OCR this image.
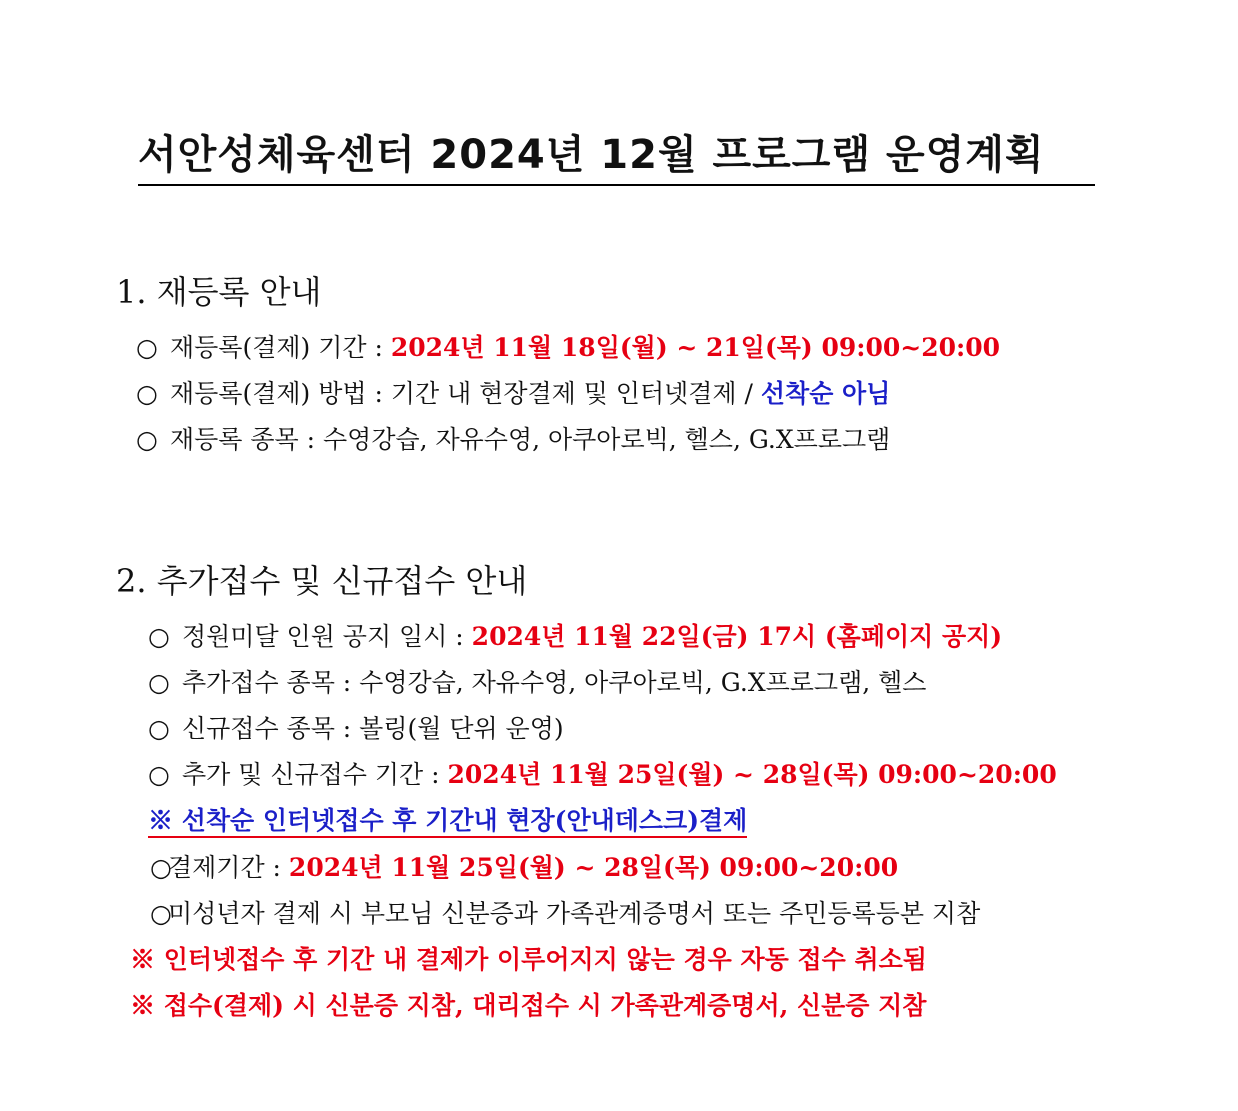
서안성체육센터 2024년 12월 프로그램 운영계획
1. 재등록 안내
○ 재등록(결제) 기간 : 2024년 11월 18일(월) ~ 21일(목) 09:00~20:00
○ 재등록(결제) 방법 : 기간 내 현장결제 및 인터넷결제 / 선착순 아님
○ 재등록 종목 : 수영강습, 자유수영, 아쿠아로빅, 헬스, G.X프로그램
2. 추가접수 및 신규접수 안내
○ 정원미달 인원 공지 일시 : 2024년 11월 22일(금) 17시 (홈페이지 공지)
○ 추가접수 종목 : 수영강습, 자유수영, 아쿠아로빅, G.X프로그램, 헬스
○ 신규접수 종목 : 볼링(월 단위 운영)
○ 추가 및 신규접수 기간 : 2024년 11월 25일(월) ~ 28일(목) 09:00~20:00
※ 선착순 인터넷접수 후 기간내 현장(안내데스크)결제
○결제기간 : 2024년 11월 25일(월) ~ 28일(목) 09:00~20:00
○미성년자 결제 시 부모님 신분증과 가족관계증명서 또는 주민등록등본 지참
※ 인터넷접수 후 기간 내 결제가 이루어지지 않는 경우 자동 접수 취소됨
※ 접수(결제) 시 신분증 지참, 대리접수 시 가족관계증명서, 신분증 지참
